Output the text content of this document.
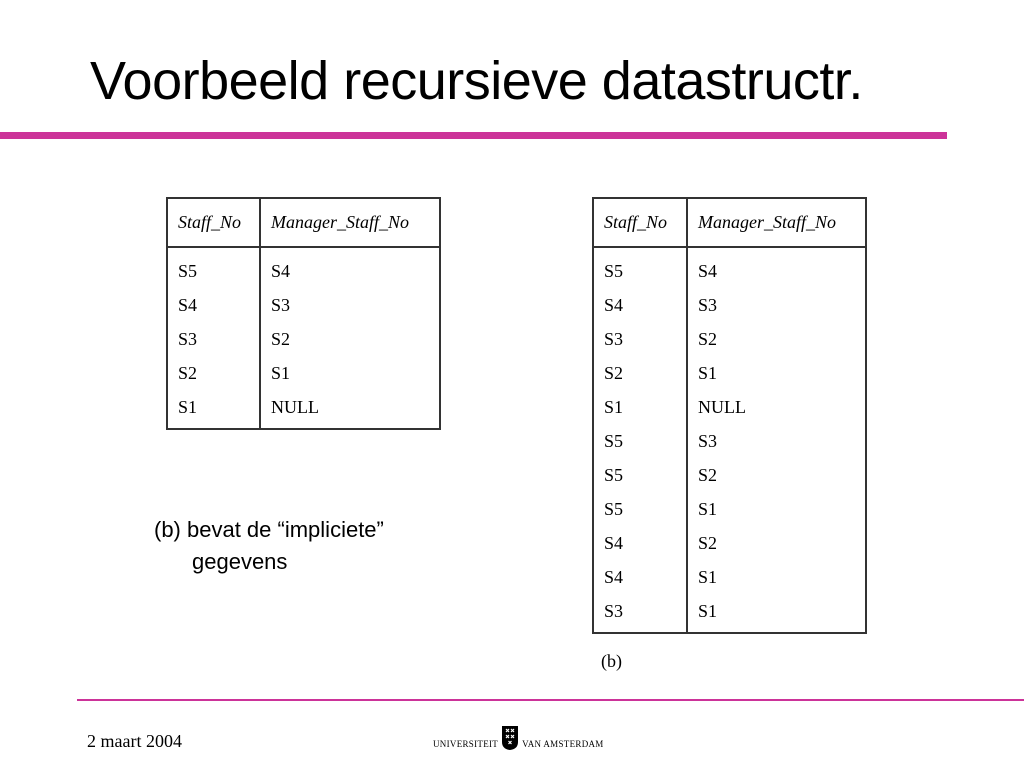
Voorbeeld recursieve datastructr.
Staff_No	Manager_Staff_No
S5	S4
S4	S3
S3	S2
S2	S1
S1	NULL
Staff_No	Manager_Staff_No
S5	S4
S4	S3
S3	S2
S2	S1
S1	NULL
S5	S3
S5	S2
S5	S1
S4	S2
S4	S1
S3	S1
(b)
(b) bevat de “impliciete”
gegevens
2 maart 2004	UNIVERSITEIT	VAN AMSTERDAM
